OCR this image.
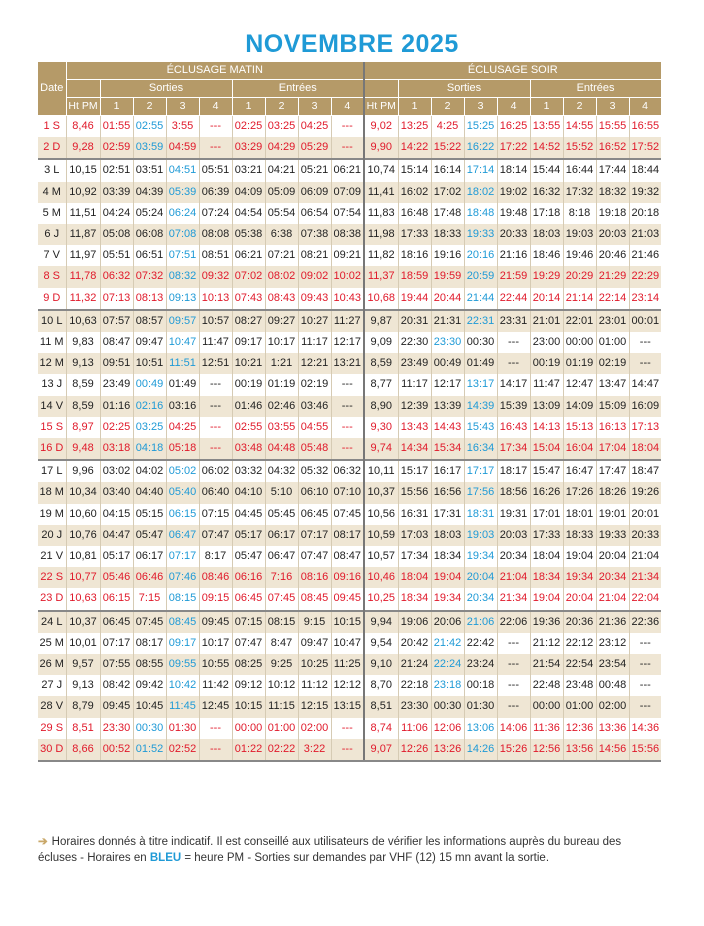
NOVEMBRE 2025
Date	ÉCLUSAGE MATIN									ÉCLUSAGE SOIR								
		Sorties				Entrées					Sorties				Entrées			
	Ht PM	1	2	3	4	1	2	3	4	Ht PM	1	2	3	4	1	2	3	4
1 S	8,46	01:55	02:55	3:55	---	02:25	03:25	04:25	---	9,02	13:25	4:25	15:25	16:25	13:55	14:55	15:55	16:55
2 D	9,28	02:59	03:59	04:59	---	03:29	04:29	05:29	---	9,90	14:22	15:22	16:22	17:22	14:52	15:52	16:52	17:52
3 L	10,15	02:51	03:51	04:51	05:51	03:21	04:21	05:21	06:21	10,74	15:14	16:14	17:14	18:14	15:44	16:44	17:44	18:44
4 M	10,92	03:39	04:39	05:39	06:39	04:09	05:09	06:09	07:09	11,41	16:02	17:02	18:02	19:02	16:32	17:32	18:32	19:32
5 M	11,51	04:24	05:24	06:24	07:24	04:54	05:54	06:54	07:54	11,83	16:48	17:48	18:48	19:48	17:18	8:18	19:18	20:18
6 J	11,87	05:08	06:08	07:08	08:08	05:38	6:38	07:38	08:38	11,98	17:33	18:33	19:33	20:33	18:03	19:03	20:03	21:03
7 V	11,97	05:51	06:51	07:51	08:51	06:21	07:21	08:21	09:21	11,82	18:16	19:16	20:16	21:16	18:46	19:46	20:46	21:46
8 S	11,78	06:32	07:32	08:32	09:32	07:02	08:02	09:02	10:02	11,37	18:59	19:59	20:59	21:59	19:29	20:29	21:29	22:29
9 D	11,32	07:13	08:13	09:13	10:13	07:43	08:43	09:43	10:43	10,68	19:44	20:44	21:44	22:44	20:14	21:14	22:14	23:14
10 L	10,63	07:57	08:57	09:57	10:57	08:27	09:27	10:27	11:27	9,87	20:31	21:31	22:31	23:31	21:01	22:01	23:01	00:01
11 M	9,83	08:47	09:47	10:47	11:47	09:17	10:17	11:17	12:17	9,09	22:30	23:30	00:30	---	23:00	00:00	01:00	---
12 M	9,13	09:51	10:51	11:51	12:51	10:21	1:21	12:21	13:21	8,59	23:49	00:49	01:49	---	00:19	01:19	02:19	---
13 J	8,59	23:49	00:49	01:49	---	00:19	01:19	02:19	---	8,77	11:17	12:17	13:17	14:17	11:47	12:47	13:47	14:47
14 V	8,59	01:16	02:16	03:16	---	01:46	02:46	03:46	---	8,90	12:39	13:39	14:39	15:39	13:09	14:09	15:09	16:09
15 S	8,97	02:25	03:25	04:25	---	02:55	03:55	04:55	---	9,30	13:43	14:43	15:43	16:43	14:13	15:13	16:13	17:13
16 D	9,48	03:18	04:18	05:18	---	03:48	04:48	05:48	---	9,74	14:34	15:34	16:34	17:34	15:04	16:04	17:04	18:04
17 L	9,96	03:02	04:02	05:02	06:02	03:32	04:32	05:32	06:32	10,11	15:17	16:17	17:17	18:17	15:47	16:47	17:47	18:47
18 M	10,34	03:40	04:40	05:40	06:40	04:10	5:10	06:10	07:10	10,37	15:56	16:56	17:56	18:56	16:26	17:26	18:26	19:26
19 M	10,60	04:15	05:15	06:15	07:15	04:45	05:45	06:45	07:45	10,56	16:31	17:31	18:31	19:31	17:01	18:01	19:01	20:01
20 J	10,76	04:47	05:47	06:47	07:47	05:17	06:17	07:17	08:17	10,59	17:03	18:03	19:03	20:03	17:33	18:33	19:33	20:33
21 V	10,81	05:17	06:17	07:17	8:17	05:47	06:47	07:47	08:47	10,57	17:34	18:34	19:34	20:34	18:04	19:04	20:04	21:04
22 S	10,77	05:46	06:46	07:46	08:46	06:16	7:16	08:16	09:16	10,46	18:04	19:04	20:04	21:04	18:34	19:34	20:34	21:34
23 D	10,63	06:15	7:15	08:15	09:15	06:45	07:45	08:45	09:45	10,25	18:34	19:34	20:34	21:34	19:04	20:04	21:04	22:04
24 L	10,37	06:45	07:45	08:45	09:45	07:15	08:15	9:15	10:15	9,94	19:06	20:06	21:06	22:06	19:36	20:36	21:36	22:36
25 M	10,01	07:17	08:17	09:17	10:17	07:47	8:47	09:47	10:47	9,54	20:42	21:42	22:42	---	21:12	22:12	23:12	---
26 M	9,57	07:55	08:55	09:55	10:55	08:25	9:25	10:25	11:25	9,10	21:24	22:24	23:24	---	21:54	22:54	23:54	---
27 J	9,13	08:42	09:42	10:42	11:42	09:12	10:12	11:12	12:12	8,70	22:18	23:18	00:18	---	22:48	23:48	00:48	---
28 V	8,79	09:45	10:45	11:45	12:45	10:15	11:15	12:15	13:15	8,51	23:30	00:30	01:30	---	00:00	01:00	02:00	---
29 S	8,51	23:30	00:30	01:30	---	00:00	01:00	02:00	---	8,74	11:06	12:06	13:06	14:06	11:36	12:36	13:36	14:36
30 D	8,66	00:52	01:52	02:52	---	01:22	02:22	3:22	---	9,07	12:26	13:26	14:26	15:26	12:56	13:56	14:56	15:56
➔ Horaires donnés à titre indicatif. Il est conseillé aux utilisateurs de vérifier les informations auprès du bureau des écluses - Horaires en BLEU = heure PM - Sorties sur demandes par VHF (12) 15 mn avant la sortie.
